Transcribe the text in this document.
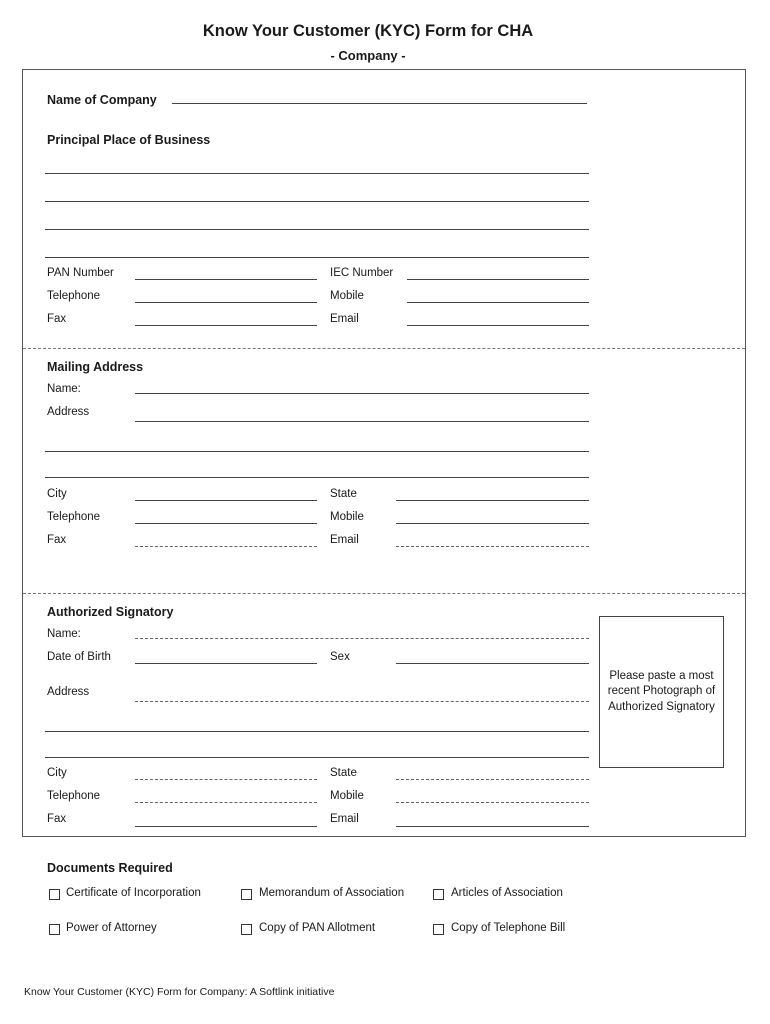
Know Your Customer (KYC) Form for CHA
- Company -
Name of Company
Principal Place of Business
PAN Number	IEC Number
Telephone	Mobile
Fax	Email
Mailing Address
Name:
Address
City	State
Telephone	Mobile
Fax	Email
Authorized Signatory
Name:
Date of Birth	Sex
Address
City	State
Telephone	Mobile
Fax	Email
Please paste a most recent Photograph of Authorized Signatory
Documents Required
Certificate of Incorporation	Memorandum of Association	Articles of Association
Power of Attorney	Copy of PAN Allotment	Copy of Telephone Bill
Know Your Customer (KYC) Form for Company: A Softlink initiative
